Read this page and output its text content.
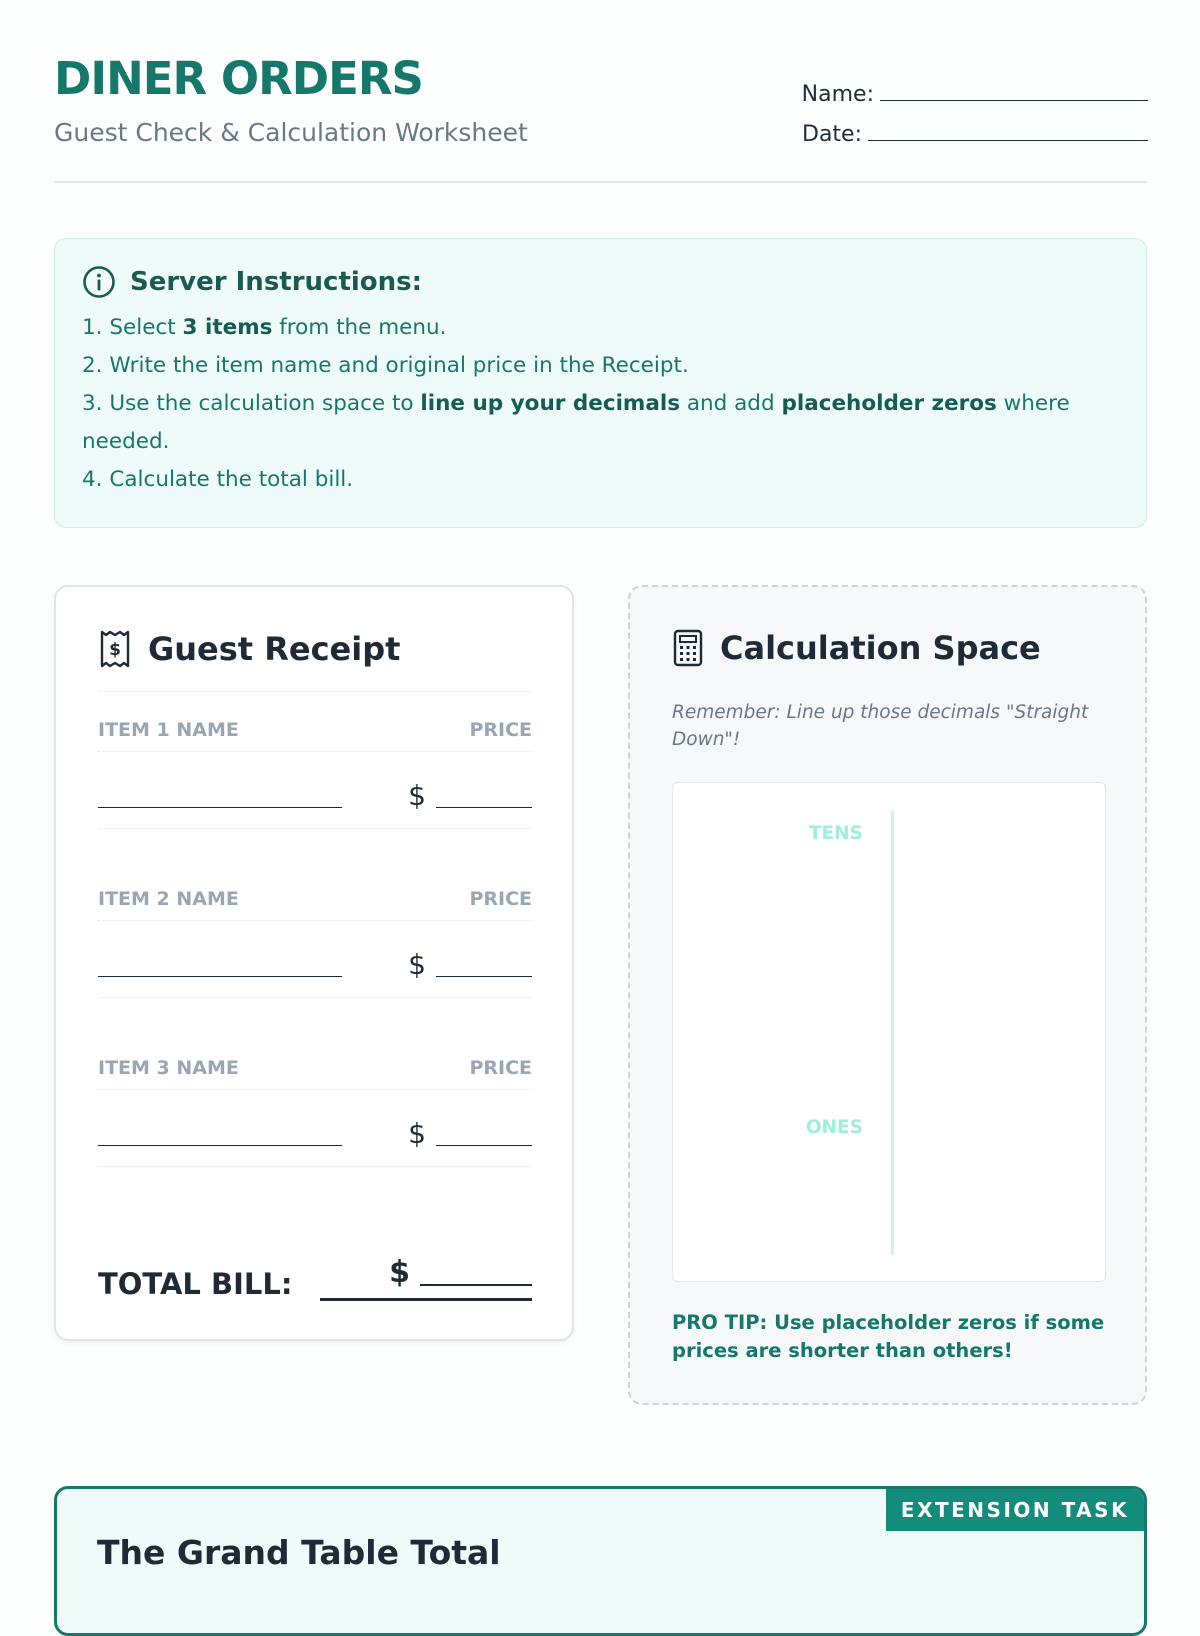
DINER ORDERS
Guest Check & Calculation Worksheet
Name:
Date:
Server Instructions:
1. Select 3 items from the menu.
2. Write the item name and original price in the Receipt.
3. Use the calculation space to line up your decimals and add placeholder zeros where needed.
4. Calculate the total bill.
$ Guest Receipt
ITEM 1 NAME	PRICE
$
ITEM 2 NAME	PRICE
$
ITEM 3 NAME	PRICE
$
TOTAL BILL:	$
Calculation Space
Remember: Line up those decimals "Straight Down"!
TENS
ONES
PRO TIP: Use placeholder zeros if some prices are shorter than others!
EXTENSION TASK
The Grand Table Total
